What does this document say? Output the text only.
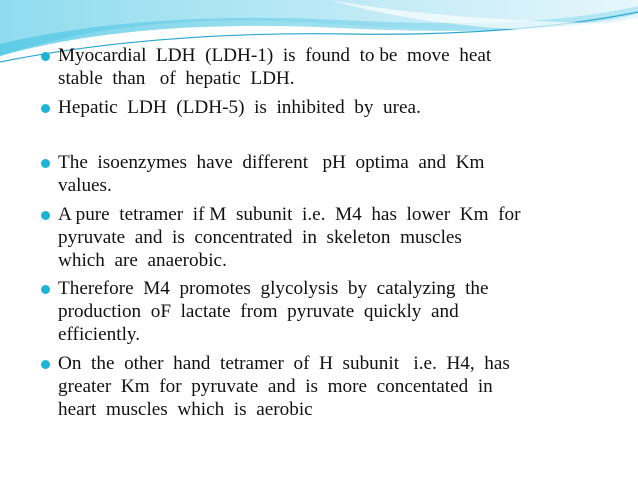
Myocardial  LDH  (LDH-1)  is  found  to be  move  heat
stable  than   of  hepatic  LDH.
Hepatic  LDH  (LDH-5)  is  inhibited  by  urea.
The  isoenzymes  have  different   pH  optima  and  Km
values.
A pure  tetramer  if M  subunit  i.e.  M4  has  lower  Km  for
pyruvate  and  is  concentrated  in  skeleton  muscles
which  are  anaerobic.
Therefore  M4  promotes  glycolysis  by  catalyzing  the
production  oF  lactate  from  pyruvate  quickly  and
efficiently.
On  the  other  hand  tetramer  of  H  subunit   i.e.  H4,  has
greater  Km  for  pyruvate  and  is  more  concentated  in
heart  muscles  which  is  aerobic
